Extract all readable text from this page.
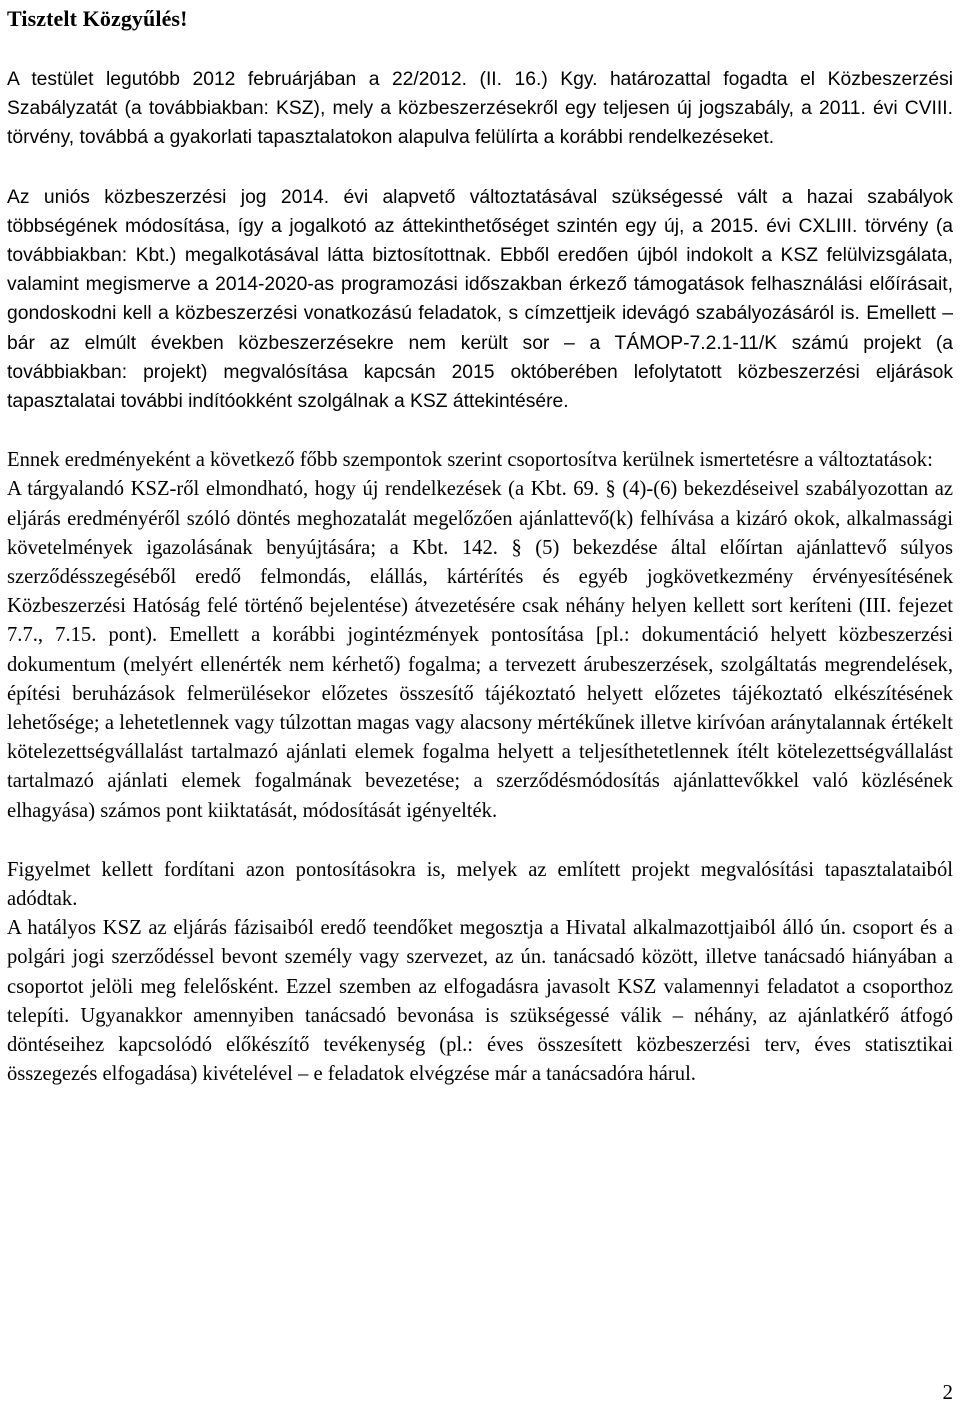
Tisztelt Közgyűlés!

A testület legutóbb 2012 februárjában a 22/2012. (II. 16.) Kgy. határozattal fogadta el Közbeszerzési Szabályzatát (a továbbiakban: KSZ), mely a közbeszerzésekről egy teljesen új jogszabály, a 2011. évi CVIII. törvény, továbbá a gyakorlati tapasztalatokon alapulva felülírta a korábbi rendelkezéseket.

Az uniós közbeszerzési jog 2014. évi alapvető változtatásával szükségessé vált a hazai szabályok többségének módosítása, így a jogalkotó az áttekinthetőséget szintén egy új, a 2015. évi CXLIII. törvény (a továbbiakban: Kbt.) megalkotásával látta biztosítottnak. Ebből eredően újból indokolt a KSZ felülvizsgálata, valamint megismerve a 2014-2020-as programozási időszakban érkező támogatások felhasználási előírásait, gondoskodni kell a közbeszerzési vonatkozású feladatok, s címzettjeik idevágó szabályozásáról is. Emellett – bár az elmúlt években közbeszerzésekre nem került sor – a TÁMOP-7.2.1-11/K számú projekt (a továbbiakban: projekt) megvalósítása kapcsán 2015 októberében lefolytatott közbeszerzési eljárások tapasztalatai további indítóokként szolgálnak a KSZ áttekintésére.

Ennek eredményeként a következő főbb szempontok szerint csoportosítva kerülnek ismertetésre a változtatások:

A tárgyalandó KSZ-ről elmondható, hogy új rendelkezések (a Kbt. 69. § (4)-(6) bekezdéseivel szabályozottan az eljárás eredményéről szóló döntés meghozatalát megelőzően ajánlattevő(k) felhívása a kizáró okok, alkalmassági követelmények igazolásának benyújtására; a Kbt. 142. § (5) bekezdése által előírtan ajánlattevő súlyos szerződésszegéséből eredő felmondás, elállás, kártérítés és egyéb jogkövetkezmény érvényesítésének Közbeszerzési Hatóság felé történő bejelentése) átvezetésére csak néhány helyen kellett sort keríteni (III. fejezet 7.7., 7.15. pont). Emellett a korábbi jogintézmények pontosítása [pl.: dokumentáció helyett közbeszerzési dokumentum (melyért ellenérték nem kérhető) fogalma; a tervezett árubeszerzések, szolgáltatás megrendelések, építési beruházások felmerülésekor előzetes összesítő tájékoztató helyett előzetes tájékoztató elkészítésének lehetősége; a lehetetlennek vagy túlzottan magas vagy alacsony mértékűnek illetve kirívóan aránytalannak értékelt kötelezettségvállalást tartalmazó ajánlati elemek fogalma helyett a teljesíthetetlennek ítélt kötelezettségvállalást tartalmazó ajánlati elemek fogalmának bevezetése; a szerződésmódosítás ajánlattevőkkel való közlésének elhagyása) számos pont kiiktatását, módosítását igényelték.

Figyelmet kellett fordítani azon pontosításokra is, melyek az említett projekt megvalósítási tapasztalataiból adódtak.

A hatályos KSZ az eljárás fázisaiból eredő teendőket megosztja a Hivatal alkalmazottjaiból álló ún. csoport és a polgári jogi szerződéssel bevont személy vagy szervezet, az ún. tanácsadó között, illetve tanácsadó hiányában a csoportot jelöli meg felelősként. Ezzel szemben az elfogadásra javasolt KSZ valamennyi feladatot a csoporthoz telepíti. Ugyanakkor amennyiben tanácsadó bevonása is szükségessé válik – néhány, az ajánlatkérő átfogó döntéseihez kapcsolódó előkészítő tevékenység (pl.: éves összesített közbeszerzési terv, éves statisztikai összegezés elfogadása) kivételével – e feladatok elvégzése már a tanácsadóra hárul.

2
